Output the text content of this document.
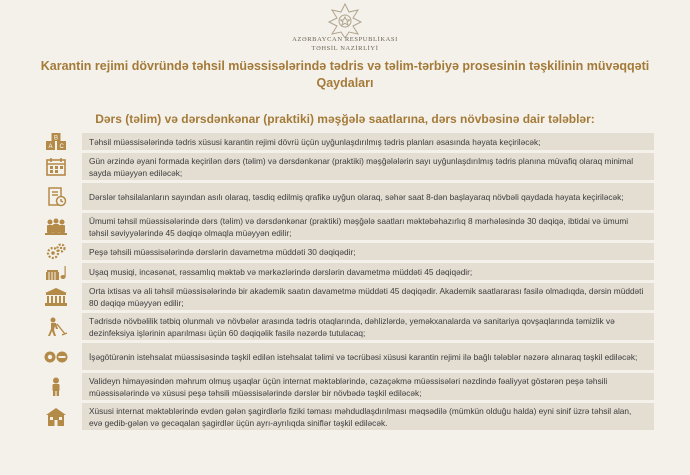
AZƏRBAYCAN RESPUBLİKASI
TƏHSİL NAZİRLİYİ
Karantin rejimi dövründə təhsil müəssisələrində tədris və təlim-tərbiyə prosesinin təşkilinin müvəqqəti Qaydaları
Dərs (təlim) və dərsdənkənar (praktiki) məşğələ saatlarına, dərs növbəsinə dair tələblər:
A C
B	Təhsil müəssisələrində tədris xüsusi karantin rejimi dövrü üçün uyğunlaşdırılmış tədris planları əsasında həyata keçiriləcək;
Gün ərzində əyani formada keçirilən dərs (təlim) və dərsdənkənar (praktiki) məşğələlərin sayı uyğunlaşdırılmış tədris planına müvafiq olaraq minimal sayda müəyyən ediləcək;
Dərslər təhsilalanların sayından asılı olaraq, təsdiq edilmiş qrafikə uyğun olaraq, səhər saat 8-dən başlayaraq növbəli qaydada həyata keçiriləcək;
Ümumi təhsil müəssisələrində dərs (təlim) və dərsdənkənar (praktiki) məşğələ saatları məktəbəhazırlıq 8 mərhələsində 30 dəqiqə, ibtidai və ümumi təhsil səviyyələrində 45 dəqiqə olmaqla müəyyən edilir;
Peşə təhsili müəssisələrində dərslərin davametmə müddəti 30 dəqiqədir;
Uşaq musiqi, incəsənət, rəssamlıq məktəb və mərkəzlərində dərslərin davametmə müddəti 45 dəqiqədir;
Orta ixtisas və ali təhsil müəssisələrində bir akademik saatın davametmə müddəti 45 dəqiqədir. Akademik saatlararası fasilə olmadıqda, dərsin müddəti 80 dəqiqə müəyyən edilir;
Tədrisdə növbəlilik tətbiq olunmalı və növbələr arasında tədris otaqlarında, dəhlizlərdə, yeməkxanalarda və sanitariya qovşaqlarında təmizlik və dezinfeksiya işlərinin aparılması üçün 60 dəqiqəlik fasilə nəzərdə tutulacaq;
İşəgötürənin istehsalat müəssisəsində təşkil edilən istehsalat təlimi və təcrübəsi xüsusi karantin rejimi ilə bağlı tələblər nəzərə alınaraq təşkil ediləcək;
Valideyn himayəsindən məhrum olmuş uşaqlar üçün internat məktəblərində, cəzaçəkmə müəssisələri nəzdində fəaliyyət göstərən peşə təhsili müəssisələrində və xüsusi peşə təhsili müəssisələrində dərslər bir növbədə təşkil ediləcək;
Xüsusi internat məktəblərində evdən gələn şagirdlərlə fiziki təması məhdudlaşdırılması məqsədilə (mümkün olduğu halda) eyni sinif üzrə təhsil alan, evə gedib-gələn və gecəqalan şagirdlər üçün ayrı-ayrılıqda siniflər təşkil ediləcək.
